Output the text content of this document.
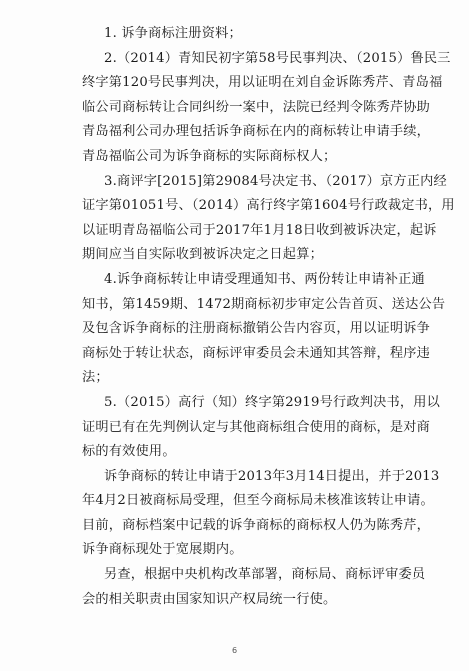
1. 诉争商标注册资料；
2.（2014）青知民初字第58号民事判决、（2015）鲁民三
终字第120号民事判决，用以证明在刘自金诉陈秀芹、青岛福
临公司商标转让合同纠纷一案中，法院已经判令陈秀芹协助
青岛福利公司办理包括诉争商标在内的商标转让申请手续，
青岛福临公司为诉争商标的实际商标权人；
3.商评字[2015]第29084号决定书、（2017）京方正内经
证字第01051号、（2014）高行终字第1604号行政裁定书，用
以证明青岛福临公司于2017年1月18日收到被诉决定，起诉
期间应当自实际收到被诉决定之日起算；
4.诉争商标转让申请受理通知书、两份转让申请补正通
知书，第1459期、1472期商标初步审定公告首页、送达公告
及包含诉争商标的注册商标撤销公告内容页，用以证明诉争
商标处于转让状态，商标评审委员会未通知其答辩，程序违
法；
5.（2015）高行（知）终字第2919号行政判决书，用以
证明已有在先判例认定与其他商标组合使用的商标，是对商
标的有效使用。
诉争商标的转让申请于2013年3月14日提出，并于2013
年4月2日被商标局受理，但至今商标局未核准该转让申请。
目前，商标档案中记载的诉争商标的商标权人仍为陈秀芹，
诉争商标现处于宽展期内。
另查，根据中央机构改革部署，商标局、商标评审委员
会的相关职责由国家知识产权局统一行使。
6
